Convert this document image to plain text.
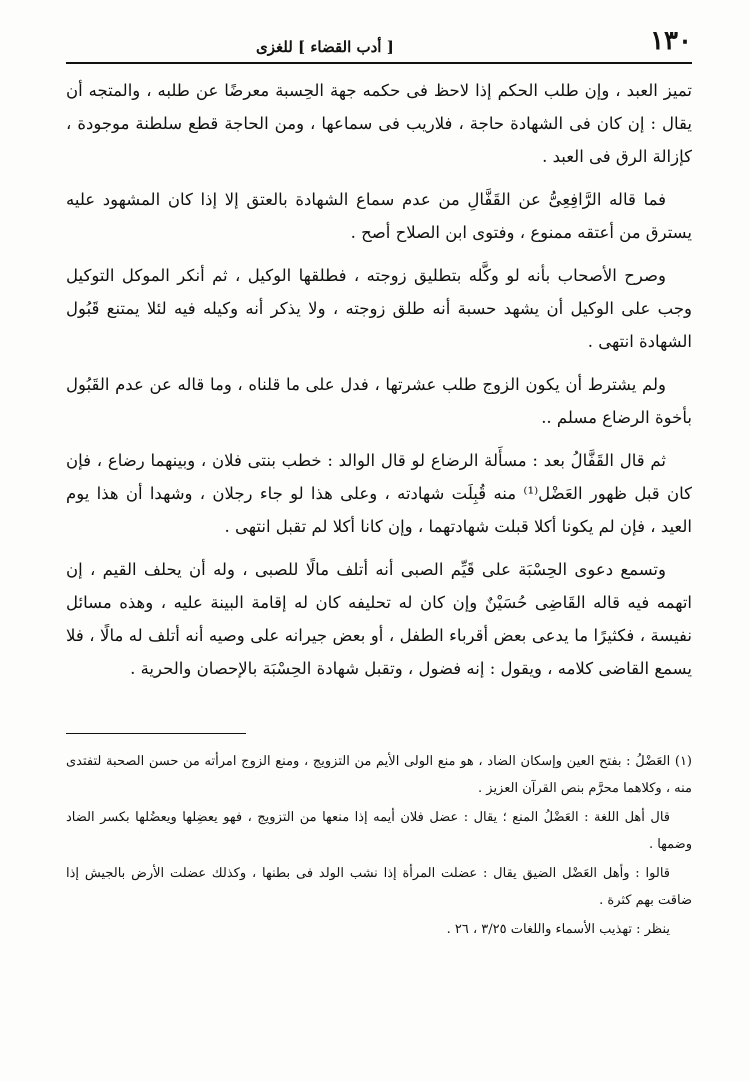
١٣٠
[ أدب القضاء ] للغزى

تميز العبد ، وإن طلب الحكم إذا لاحظ فى حكمه جهة الحِسبة معرضًا عن طلبه ، والمتجه أن يقال : إن كان فى الشهادة حاجة ، فلاريب فى سماعها ، ومن الحاجة قطع سلطنة موجودة ، كإزالة الرق فى العبد .

فما قاله الرَّافِعِىُّ عن القَفَّالِ من عدم سماع الشهادة بالعتق إلا إذا كان المشهود عليه يسترق من أعتقه ممنوع ، وفتوى ابن الصلاح أصح .

وصرح الأصحاب بأنه لو وكَّله بتطليق زوجته ، فطلقها الوكيل ، ثم أنكر الموكل التوكيل وجب على الوكيل أن يشهد حسبة أنه طلق زوجته ، ولا يذكر أنه وكيله فيه لئلا يمتنع قَبُول الشهادة انتهى .

ولم يشترط أن يكون الزوج طلب عشرتها ، فدل على ما قلناه ، وما قاله عن عدم القَبُول بأخوة الرضاع مسلم ..

ثم قال القَفَّالُ بعد : مسأَلة الرضاع لو قال الوالد : خطب بنتى فلان ، وبينهما رضاع ، فإن كان قبل ظهور العَضْل⁽¹⁾ منه قُبِلَت شهادته ، وعلى هذا لو جاء رجلان ، وشهدا أن هذا يوم العيد ، فإن لم يكونا أكلا قبلت شهادتهما ، وإن كانا أكلا لم تقبل انتهى .

وتسمع دعوى الحِسْبَة على قَيِّم الصبى أنه أتلف مالًا للصبى ، وله أن يحلف القيم ، إن اتهمه فيه قاله القَاضِى حُسَيْنٌ وإن كان له تحليفه كان له إقامة البينة عليه ، وهذه مسائل نفيسة ، فكثيرًا ما يدعى بعض أقرباء الطفل ، أو بعض جيرانه على وصيه أنه أتلف له مالًا ، فلا يسمع القاضى كلامه ، ويقول : إنه فضول ، وتقبل شهادة الحِسْبَة بالإحصان والحرية .

(١) العَضْلُ : بفتح العين وإسكان الضاد ، هو منع الولى الأيم من التزويج ، ومنع الزوج امرأته من حسن الصحبة لتفتدى منه ، وكلاهما محرَّم بنص القرآن العزيز .

قال أهل اللغة : العَضْلُ المنع ؛ يقال : عضل فلان أيمه إذا منعها من التزويج ، فهو يعضِلها ويعضُلها بكسر الضاد وضمها .

قالوا : وأهل العَضْل الضيق يقال : عضلت المرأة إذا نشب الولد فى بطنها ، وكذلك عضلت الأرض بالجيش إذا ضاقت بهم كثرة .

ينظر : تهذيب الأسماء واللغات ٣/٢٥ ، ٢٦ .
